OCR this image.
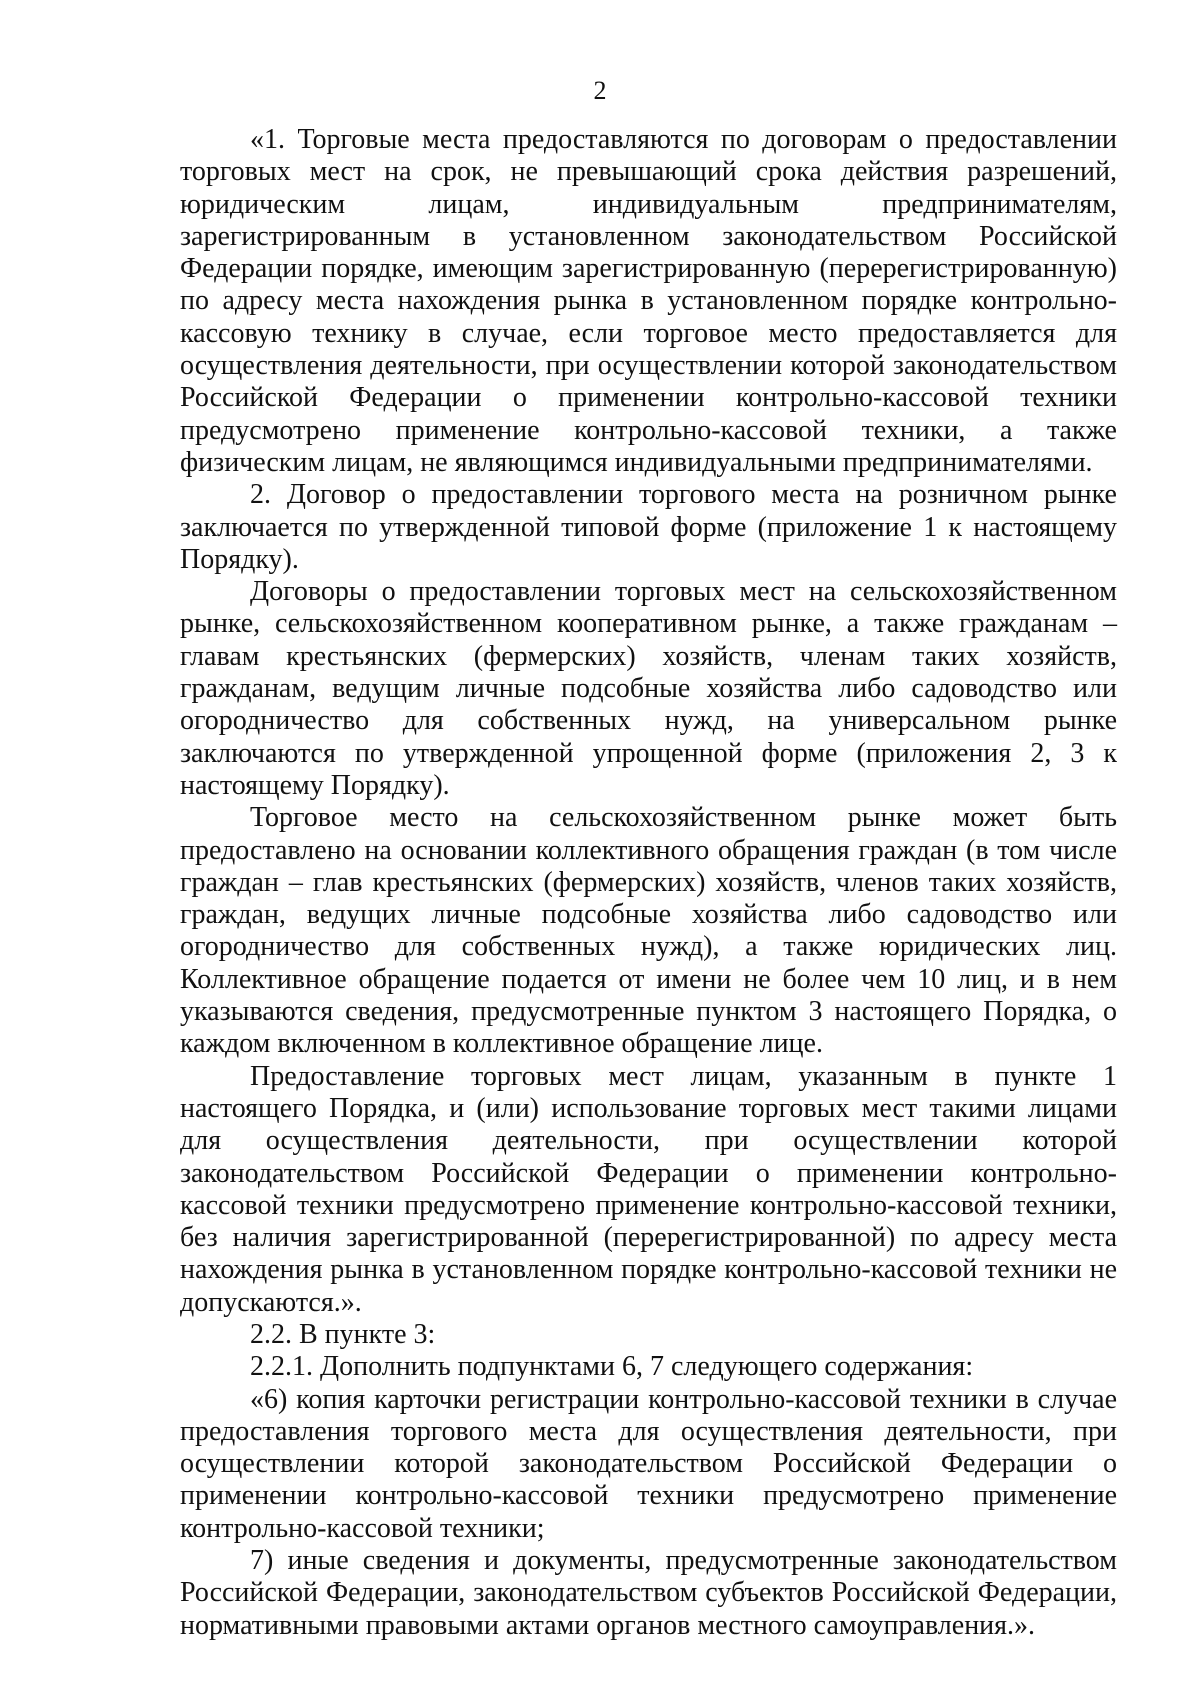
2

«1. Торговые места предоставляются по договорам о предоставлении торговых мест на срок, не превышающий срока действия разрешений, юридическим лицам, индивидуальным предпринимателям, зарегистрированным в установленном законодательством Российской Федерации порядке, имеющим зарегистрированную (перерегистрированную) по адресу места нахождения рынка в установленном порядке контрольно-кассовую технику в случае, если торговое место предоставляется для осуществления деятельности, при осуществлении которой законодательством Российской Федерации о применении контрольно-кассовой техники предусмотрено применение контрольно-кассовой техники, а также физическим лицам, не являющимся индивидуальными предпринимателями.

2. Договор о предоставлении торгового места на розничном рынке заключается по утвержденной типовой форме (приложение 1 к настоящему Порядку).

Договоры о предоставлении торговых мест на сельскохозяйственном рынке, сельскохозяйственном кооперативном рынке, а также гражданам – главам крестьянских (фермерских) хозяйств, членам таких хозяйств, гражданам, ведущим личные подсобные хозяйства либо садоводство или огородничество для собственных нужд, на универсальном рынке заключаются по утвержденной упрощенной форме (приложения 2, 3 к настоящему Порядку).

Торговое место на сельскохозяйственном рынке может быть предоставлено на основании коллективного обращения граждан (в том числе граждан – глав крестьянских (фермерских) хозяйств, членов таких хозяйств, граждан, ведущих личные подсобные хозяйства либо садоводство или огородничество для собственных нужд), а также юридических лиц. Коллективное обращение подается от имени не более чем 10 лиц, и в нем указываются сведения, предусмотренные пунктом 3 настоящего Порядка, о каждом включенном в коллективное обращение лице.

Предоставление торговых мест лицам, указанным в пункте 1 настоящего Порядка, и (или) использование торговых мест такими лицами для осуществления деятельности, при осуществлении которой законодательством Российской Федерации о применении контрольно-кассовой техники предусмотрено применение контрольно-кассовой техники, без наличия зарегистрированной (перерегистрированной) по адресу места нахождения рынка в установленном порядке контрольно-кассовой техники не допускаются.».

2.2. В пункте 3:

2.2.1. Дополнить подпунктами 6, 7 следующего содержания:

«6) копия карточки регистрации контрольно-кассовой техники в случае предоставления торгового места для осуществления деятельности, при осуществлении которой законодательством Российской Федерации о применении контрольно-кассовой техники предусмотрено применение контрольно-кассовой техники;

7) иные сведения и документы, предусмотренные законодательством Российской Федерации, законодательством субъектов Российской Федерации, нормативными правовыми актами органов местного самоуправления.».
